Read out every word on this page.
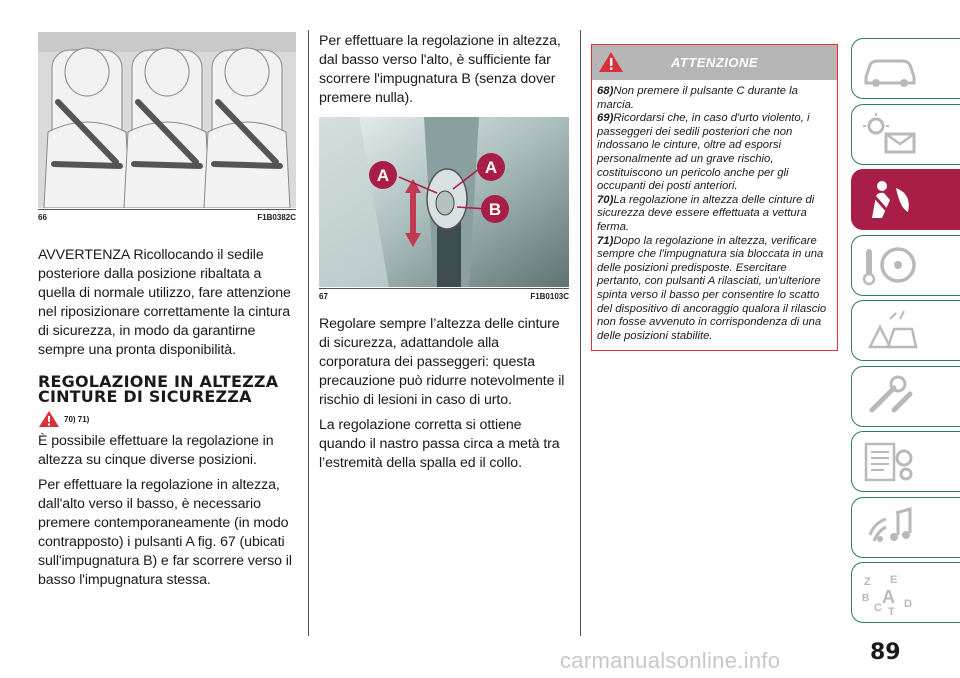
66	F1B0382C

AVVERTENZA Ricollocando il sedile posteriore dalla posizione ribaltata a quella di normale utilizzo, fare attenzione nel riposizionare correttamente la cintura di sicurezza, in modo da garantirne sempre una pronta disponibilità.

REGOLAZIONE IN ALTEZZA CINTURE DI SICUREZZA
70) 71)

È possibile effettuare la regolazione in altezza su cinque diverse posizioni.

Per effettuare la regolazione in altezza, dall'alto verso il basso, è necessario premere contemporaneamente (in modo contrapposto) i pulsanti A fig. 67 (ubicati sull'impugnatura B) e far scorrere verso il basso l'impugnatura stessa.

Per effettuare la regolazione in altezza, dal basso verso l'alto, è sufficiente far scorrere l'impugnatura B (senza dover premere nulla).

A	A
B
67	F1B0103C

Regolare sempre l’altezza delle cinture di sicurezza, adattandole alla corporatura dei passeggeri: questa precauzione può ridurre notevolmente il rischio di lesioni in caso di urto.

La regolazione corretta si ottiene quando il nastro passa circa a metà tra l’estremità della spalla ed il collo.

ATTENZIONE
68)Non premere il pulsante C durante la marcia.
69)Ricordarsi che, in caso d'urto violento, i passeggeri dei sedili posteriori che non indossano le cinture, oltre ad esporsi personalmente ad un grave rischio, costituiscono un pericolo anche per gli occupanti dei posti anteriori.
70)La regolazione in altezza delle cinture di sicurezza deve essere effettuata a vettura ferma.
71)Dopo la regolazione in altezza, verificare sempre che l'impugnatura sia bloccata in una delle posizioni predisposte. Esercitare pertanto, con pulsanti A rilasciati, un'ulteriore spinta verso il basso per consentire lo scatto del dispositivo di ancoraggio qualora il rilascio non fosse avvenuto in corrispondenza di una delle posizioni stabilite.
Z E
B A
C D
T
89
carmanualsonline.info
